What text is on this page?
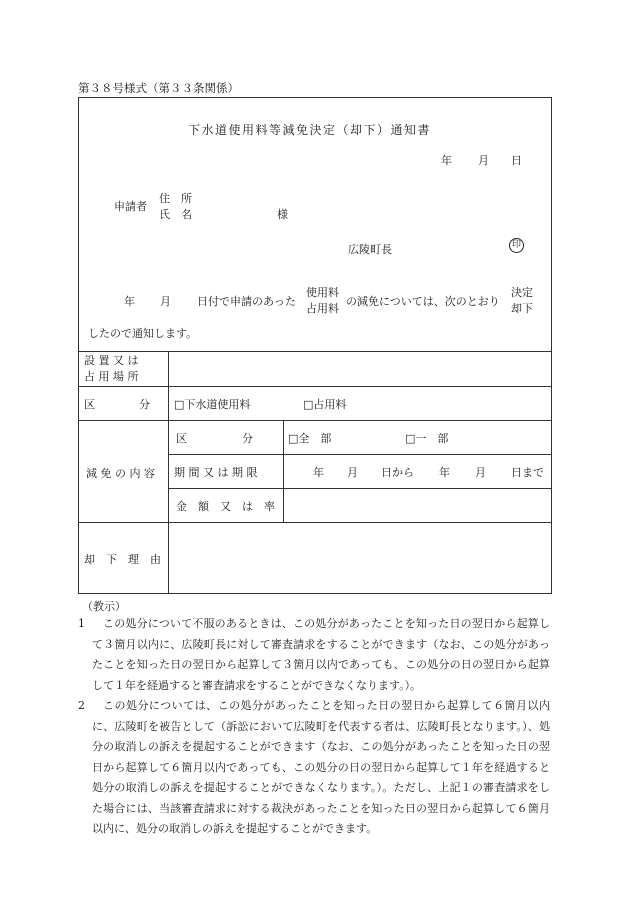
第３８号様式（第３３条関係）
下水道使用料等減免決定（却下）通知書
年 月 日
申請者
住　所
氏　名	様
広陵町長	印
年 月 日付で申請のあった
使用料
占用料
の減免については、次のとおり
決定
却下
したので通知します。
設 置 又 は
占 用 場 所
区　　　　分 □下水道使用料	□占用料
減 免 の 内 容
区　　　　　分	□全　部	□一　部
期 間 又 は 期 限	年 月 日から 年 月 日まで
金　額　又　は　率
却　下　理　由
（教示）
1	この処分について不服のあるときは、この処分があったことを知った日の翌日から起算して３箇月以内に、広陵町長に対して審査請求をすることができます（なお、この処分があったことを知った日の翌日から起算して３箇月以内であっても、この処分の日の翌日から起算して１年を経過すると審査請求をすることができなくなります。）。
2	この処分については、この処分があったことを知った日の翌日から起算して６箇月以内に、広陵町を被告として（訴訟において広陵町を代表する者は、広陵町長となります。）、処分の取消しの訴えを提起することができます（なお、この処分があったことを知った日の翌日から起算して６箇月以内であっても、この処分の日の翌日から起算して１年を経過すると処分の取消しの訴えを提起することができなくなります。）。ただし、上記１の審査請求をした場合には、当該審査請求に対する裁決があったことを知った日の翌日から起算して６箇月以内に、処分の取消しの訴えを提起することができます。
